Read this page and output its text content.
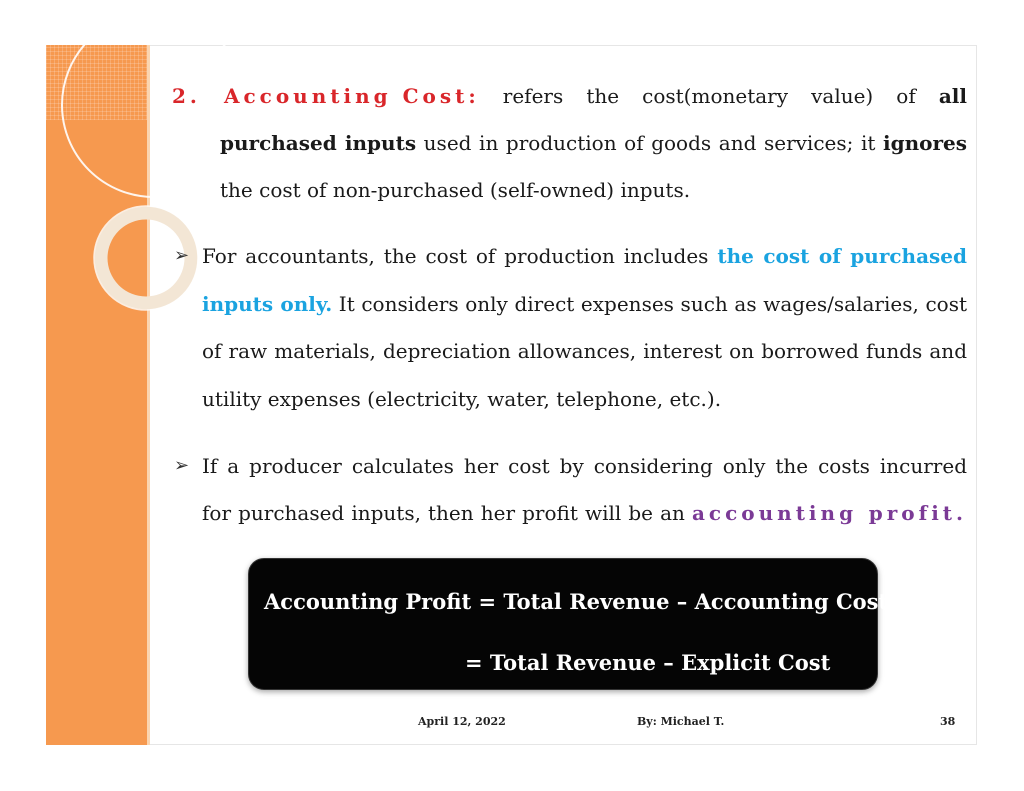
2. Accounting Cost: refers the cost(monetary value) of all
purchased inputs used in production of goods and services; it ignores
the cost of non-purchased (self-owned) inputs.
➢ For accountants, the cost of production includes the cost of purchased
inputs only. It considers only direct expenses such as wages/salaries, cost
of raw materials, depreciation allowances, interest on borrowed funds and
utility expenses (electricity, water, telephone, etc.).
➢ If a producer calculates her cost by considering only the costs incurred
for purchased inputs, then her profit will be an accounting profit.
Accounting Profit = Total Revenue – Accounting Cost
= Total Revenue – Explicit Cost
April 12, 2022	By: Michael T.	38
